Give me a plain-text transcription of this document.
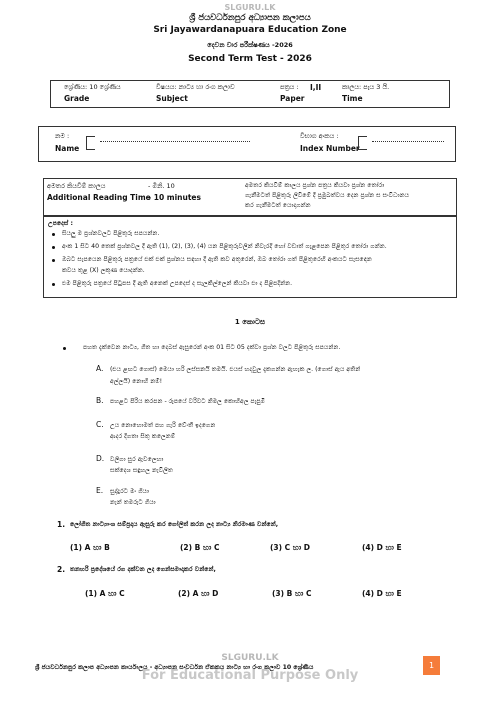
SLGURU.LK
ශ්‍රී ජයවර්ධනපුර අධ්‍යාපන කලාපය
Sri Jayawardanapuara Education Zone
දෙවන වාර පරීක්ෂණය -2026
Second Term Test - 2026
ශ්‍රේණිය: 10 ශ්‍රේණිය
Grade
විෂයය: නාට්‍ය හා රංග කලාව
Subject
පත්‍රය : I,II
Paper
කාලය: පැය 3 යි.
Time
නම :
Name
විභාග අංකය :
Index Number
අමතර කියවීම් කාලය	- මිනි. 10
Additional Reading Time
- 10 minutes
අමතර කියවීම් කාලය ප්‍රශ්න පත්‍රය කියවා ප්‍රශ්න තෝරා
ගැනීමටත් පිළිතුරු ලිවීමේ දී ප්‍රමුඛත්වය දෙන ප්‍රශ්න ස සංවිධානය
කර ගැනීමටත් යොදාගන්න
උපදෙස් :
සියලු ම ප්‍රශ්නවලට පිළිතුරු සපයන්න.
අංක 1 සිට 40 තෙක් ප්‍රශ්නවල දී ඇති (1), (2), (3), (4) යන පිළිතුරුවලින් නිවැරදි හෝ වඩාත් ගැළපෙන පිළිතුර තෝරා ගන්න.
ඔබට සැපයෙන පිළිතුරු පත්‍රයේ එක් එක් ප්‍රශ්නය සඳහා දී ඇති කව අතුරෙන්, ඔබ තෝරා ගත් පිළිතුරෙහි අංකයට සැසඳෙන
කවය තුළ (X) ලකුණ යොදන්න.
එම පිළිතුරු පත්‍රයේ පිටුපස දී ඇති අනෙක් උපදෙස් ද සැලකිල්ලෙන් කියවා එ‍ා ද පිළිපදින්න.
1 කොටස
පහත දැක්වෙන නාට්‍ය, ගීත හා දෙබස් ඇසුරෙන් අංක 01 සිට 05 දක්වා ප්‍රශ්න වලට පිළිතුරු සපයන්න.
A. (ළුය ළඟට ගොස්) මෙයා හරි ලස්සනයි තමයි. එයස් හදවුල දැකගන්න ඇහැක ල. (ගොස් ඇය අතින්
අල්ලයි) නොහි නම්!
B. පහළට පිරිය කරපන - රූපයේ වරිවට නිමල කොහිඅල පැපුමි
C. උය නොහොමත් පහ ගැරි වේංතී ඉදගෙන
ආදර දිගතා සිතු කලෙනම්
D. වලිගා සුර ඇවලෙහා
සක්දෙශ සඳුහල නැවිලිත
E. සුද්දුරට මං ගියා
නැන් තමරුට ගියා
1. ලෝගිත නාට්‍යාංශ සම්ප්‍රදාය ඇසුරු කර ගෝලිත් කරන ලද නාට්‍ය නිරමාණ වන්නේ,
(1) A හා B	(2) B හා C	(3) C හා D	(4) D හා E
2. තනහරි ප්‍රදේශයේ රග දක්වන ලද ගෙන්සමාදාකර වන්නේ,
(1) A හා C	(2) A හා D	(3) B හා C	(4) D හා E
SLGURU.LK
ශ්‍රී ජයවර්ධනපුර කලාප අධ්‍යාපන කාර්යාලය - අධ්‍යාපන සංවර්ධන ඒකකය නාට්‍ය හා රංග කලාව 10 ශ්‍රේණිය	1
For Educational Purpose Only
